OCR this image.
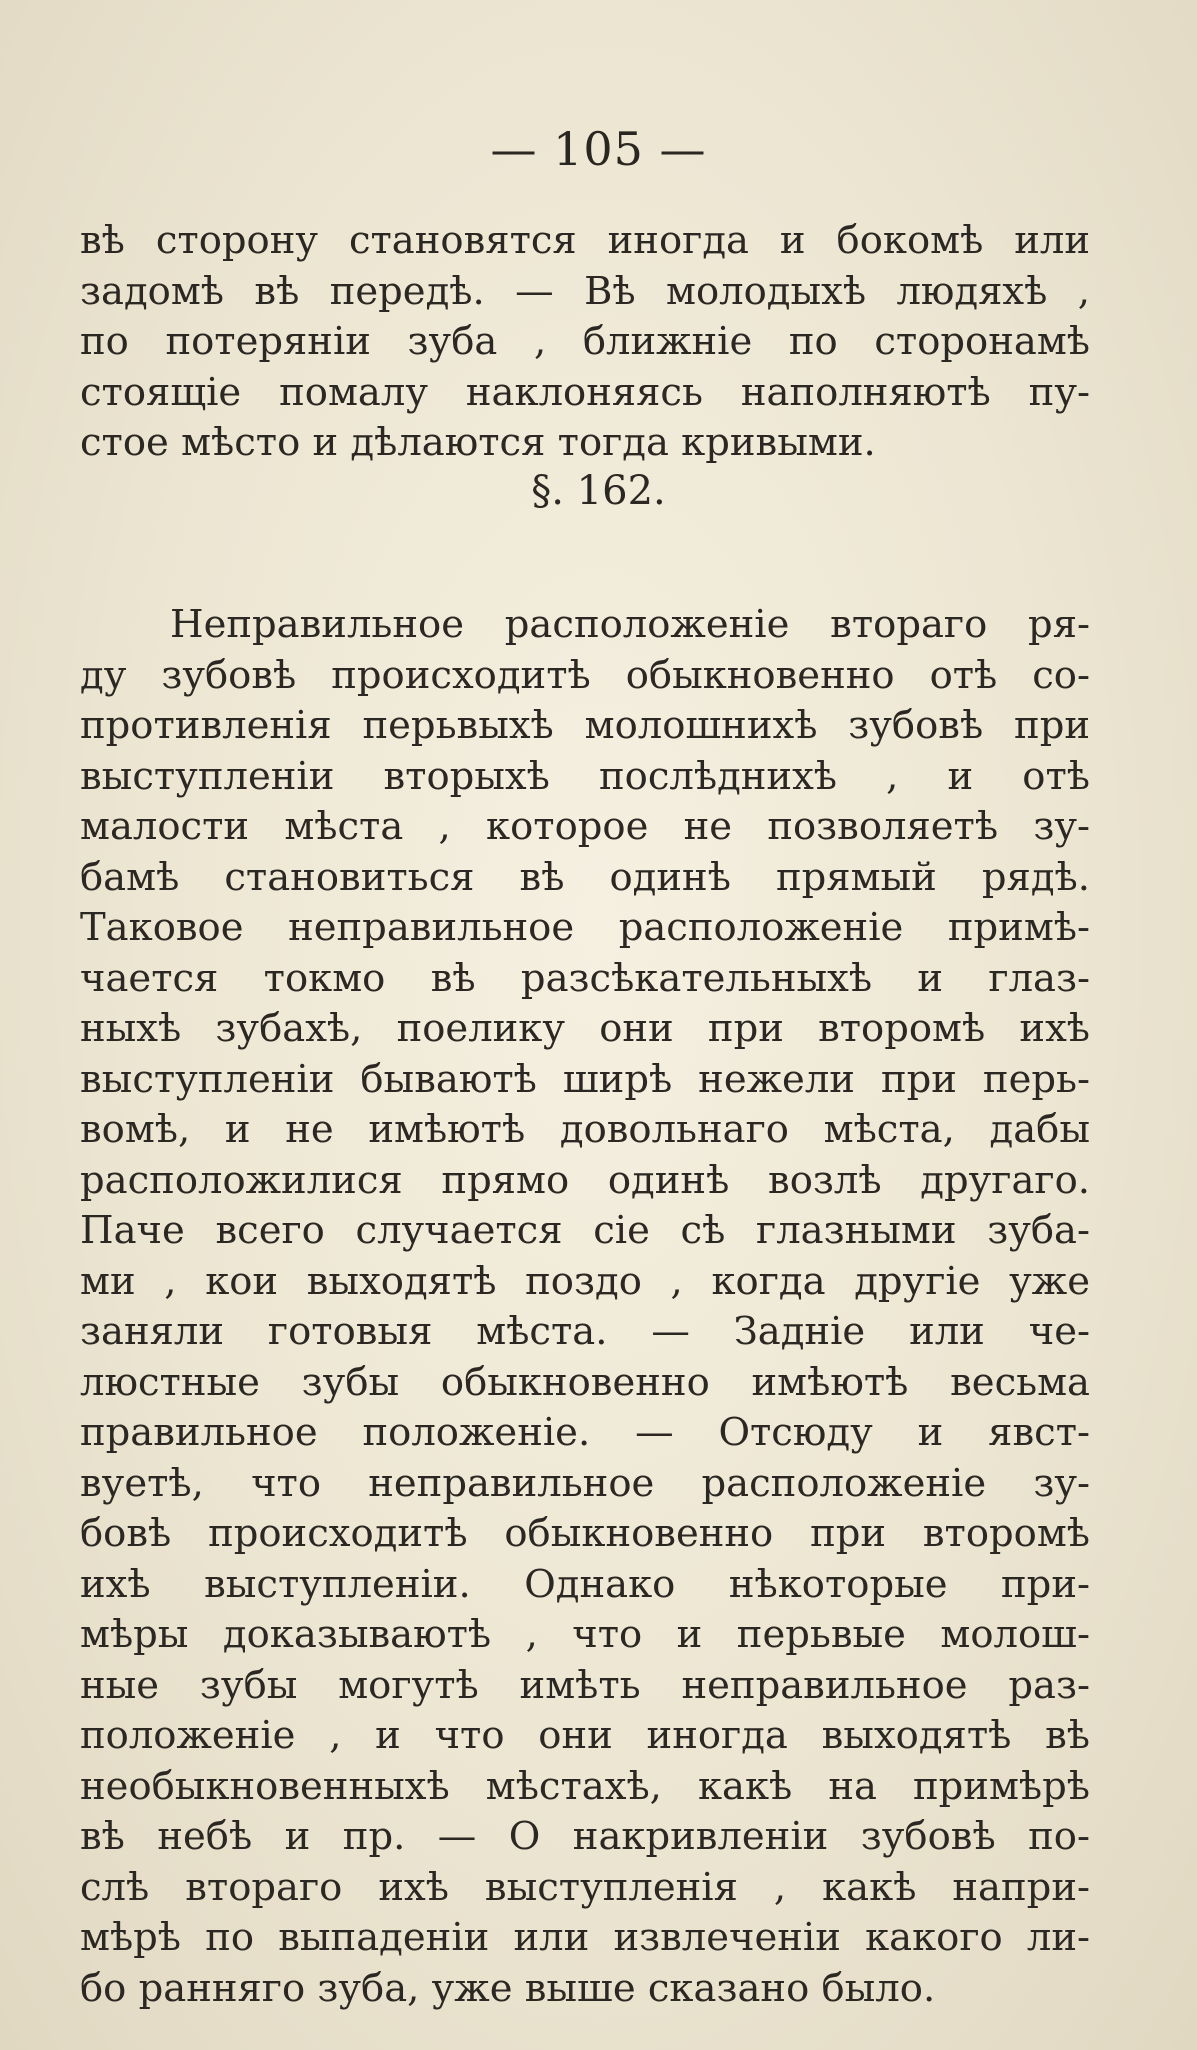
— 105 —
вѣ сторону становятся иногда и бокомѣ или
задомѣ вѣ передѣ. — Вѣ молодыхѣ людяхѣ ,
по потеряніи зуба , ближніе по сторонамѣ
стоящіе помалу наклоняясь наполняютѣ пу-
стое мѣсто и дѣлаются тогда кривыми.
§. 162.
Неправильное расположеніе втораго ря-
ду зубовѣ происходитѣ обыкновенно отѣ со-
противленія перьвыхѣ молошнихѣ зубовѣ при
выступленіи вторыхѣ послѣднихѣ , и отѣ
малости мѣста , которое не позволяетѣ зу-
бамѣ становиться вѣ одинѣ прямый рядѣ.
Таковое неправильное расположеніе примѣ-
чается токмо вѣ разсѣкательныхѣ и глаз-
ныхѣ зубахѣ, поелику они при второмѣ ихѣ
выступленіи бываютѣ ширѣ нежели при перь-
вомѣ, и не имѣютѣ довольнаго мѣста, дабы
расположилися прямо одинѣ возлѣ другаго.
Паче всего случается сіе сѣ глазными зуба-
ми , кои выходятѣ поздо , когда другіе уже
заняли готовыя мѣста. — Задніе или че-
люстные зубы обыкновенно имѣютѣ весьма
правильное положеніе. — Отсюду и явст-
вуетѣ, что неправильное расположеніе зу-
бовѣ происходитѣ обыкновенно при второмѣ
ихѣ выступленіи. Однако нѣкоторые при-
мѣры доказываютѣ , что и перьвые молош-
ные зубы могутѣ имѣть неправильное раз-
положеніе , и что они иногда выходятѣ вѣ
необыкновенныхѣ мѣстахѣ, какѣ на примѣрѣ
вѣ небѣ и пр. — О накривленіи зубовѣ по-
слѣ втораго ихѣ выступленія , какѣ напри-
мѣрѣ по выпаденіи или извлеченіи какого ли-
бо ранняго зуба, уже выше сказано было.
